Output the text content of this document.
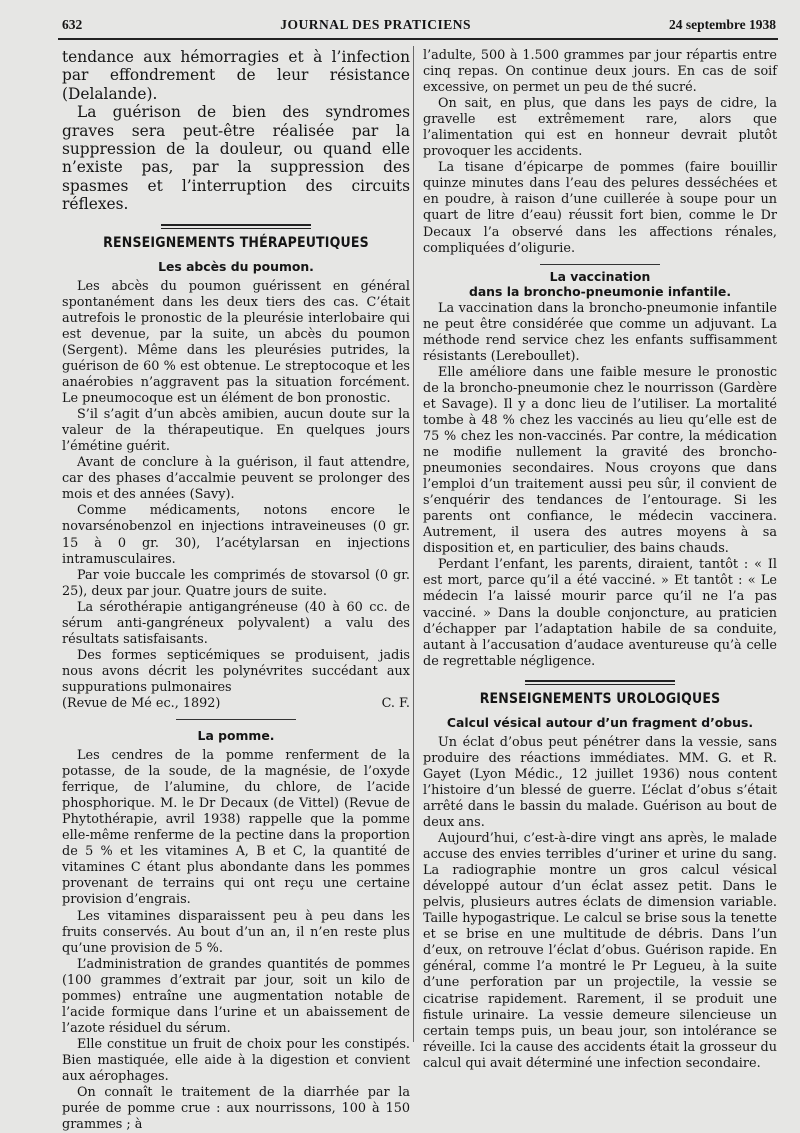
632	JOURNAL DES PRATICIENS	24 septembre 1938

tendance aux hémorragies et à l’infection par effondrement de leur résistance (Delalande).

La guérison de bien des syndromes graves sera peut-être réalisée par la suppression de la douleur, ou quand elle n’existe pas, par la suppression des spasmes et l’interruption des circuits réflexes.

RENSEIGNEMENTS THÉRAPEUTIQUES
Les abcès du poumon.

Les abcès du poumon guérissent en général spontanément dans les deux tiers des cas. C’était autrefois le pronostic de la pleurésie interlobaire qui est devenue, par la suite, un abcès du poumon (Sergent). Même dans les pleurésies putrides, la guérison de 60 % est obtenue. Le streptocoque et les anaérobies n’aggravent pas la situation forcément. Le pneumocoque est un élément de bon pronostic.

S’il s’agit d’un abcès amibien, aucun doute sur la valeur de la thérapeutique. En quelques jours l’émétine guérit.

Avant de conclure à la guérison, il faut attendre, car des phases d’accalmie peuvent se prolonger des mois et des années (Savy).

Comme médicaments, notons encore le novarsénobenzol en injections intraveineuses (0 gr. 15 à 0 gr. 30), l’acétylarsan en injections intramusculaires.

Par voie buccale les comprimés de stovarsol (0 gr. 25), deux par jour. Quatre jours de suite.

La sérothérapie antigangréneuse (40 à 60 cc. de sérum anti-gangréneux polyvalent) a valu des résultats satisfaisants.

Des formes septicémiques se produisent, jadis nous avons décrit les polynévrites succédant aux suppurations pulmonaires

(Revue de Mé ec., 1892)	C. F.

La pomme.

Les cendres de la pomme renferment de la potasse, de la soude, de la magnésie, de l’oxyde ferrique, de l’alumine, du chlore, de l’acide phosphorique. M. le Dr Decaux (de Vittel) (Revue de Phytothérapie, avril 1938) rappelle que la pomme elle-même renferme de la pectine dans la proportion de 5 % et les vitamines A, B et C, la quantité de vitamines C étant plus abondante dans les pommes provenant de terrains qui ont reçu une certaine provision d’engrais.

Les vitamines disparaissent peu à peu dans les fruits conservés. Au bout d’un an, il n’en reste plus qu’une provision de 5 %.

L’administration de grandes quantités de pommes (100 grammes d’extrait par jour, soit un kilo de pommes) entraîne une augmentation notable de l’acide formique dans l’urine et un abaissement de l’azote résiduel du sérum.

Elle constitue un fruit de choix pour les constipés. Bien mastiquée, elle aide à la digestion et convient aux aérophages.

On connaît le traitement de la diarrhée par la purée de pomme crue : aux nourrissons, 100 à 150 grammes ; à

l’adulte, 500 à 1.500 grammes par jour répartis entre cinq repas. On continue deux jours. En cas de soif excessive, on permet un peu de thé sucré.

On sait, en plus, que dans les pays de cidre, la gravelle est extrêmement rare, alors que l’alimentation qui est en honneur devrait plutôt provoquer les accidents.

La tisane d’épicarpe de pommes (faire bouillir quinze minutes dans l’eau des pelures desséchées et en poudre, à raison d’une cuillerée à soupe pour un quart de litre d’eau) réussit fort bien, comme le Dr Decaux l’a observé dans les affections rénales, compliquées d’oligurie.

La vaccination
dans la broncho-pneumonie infantile.

La vaccination dans la broncho-pneumonie infantile ne peut être considérée que comme un adjuvant. La méthode rend service chez les enfants suffisamment résistants (Lereboullet).

Elle améliore dans une faible mesure le pronostic de la broncho-pneumonie chez le nourrisson (Gardère et Savage). Il y a donc lieu de l’utiliser. La mortalité tombe à 48 % chez les vaccinés au lieu qu’elle est de 75 % chez les non-vaccinés. Par contre, la médication ne modifie nullement la gravité des broncho-pneumonies secondaires. Nous croyons que dans l’emploi d’un traitement aussi peu sûr, il convient de s’enquérir des tendances de l’entourage. Si les parents ont confiance, le médecin vaccinera. Autrement, il usera des autres moyens à sa disposition et, en particulier, des bains chauds.

Perdant l’enfant, les parents, diraient, tantôt : « Il est mort, parce qu’il a été vacciné. » Et tantôt : « Le médecin l’a laissé mourir parce qu’il ne l’a pas vacciné. » Dans la double conjoncture, au praticien d’échapper par l’adaptation habile de sa conduite, autant à l’accusation d’audace aventureuse qu’à celle de regrettable négligence.

RENSEIGNEMENTS UROLOGIQUES
Calcul vésical autour d’un fragment d’obus.

Un éclat d’obus peut pénétrer dans la vessie, sans produire des réactions immédiates. MM. G. et R. Gayet (Lyon Médic., 12 juillet 1936) nous content l’histoire d’un blessé de guerre. L’éclat d’obus s’était arrêté dans le bassin du malade. Guérison au bout de deux ans.

Aujourd’hui, c’est-à-dire vingt ans après, le malade accuse des envies terribles d’uriner et urine du sang. La radiographie montre un gros calcul vésical développé autour d’un éclat assez petit. Dans le pelvis, plusieurs autres éclats de dimension variable. Taille hypogastrique. Le calcul se brise sous la tenette et se brise en une multitude de débris. Dans l’un d’eux, on retrouve l’éclat d’obus. Guérison rapide. En général, comme l’a montré le Pr Legueu, à la suite d’une perforation par un projectile, la vessie se cicatrise rapidement. Rarement, il se produit une fistule urinaire. La vessie demeure silencieuse un certain temps puis, un beau jour, son intolérance se réveille. Ici la cause des accidents était la grosseur du calcul qui avait déterminé une infection secondaire.
